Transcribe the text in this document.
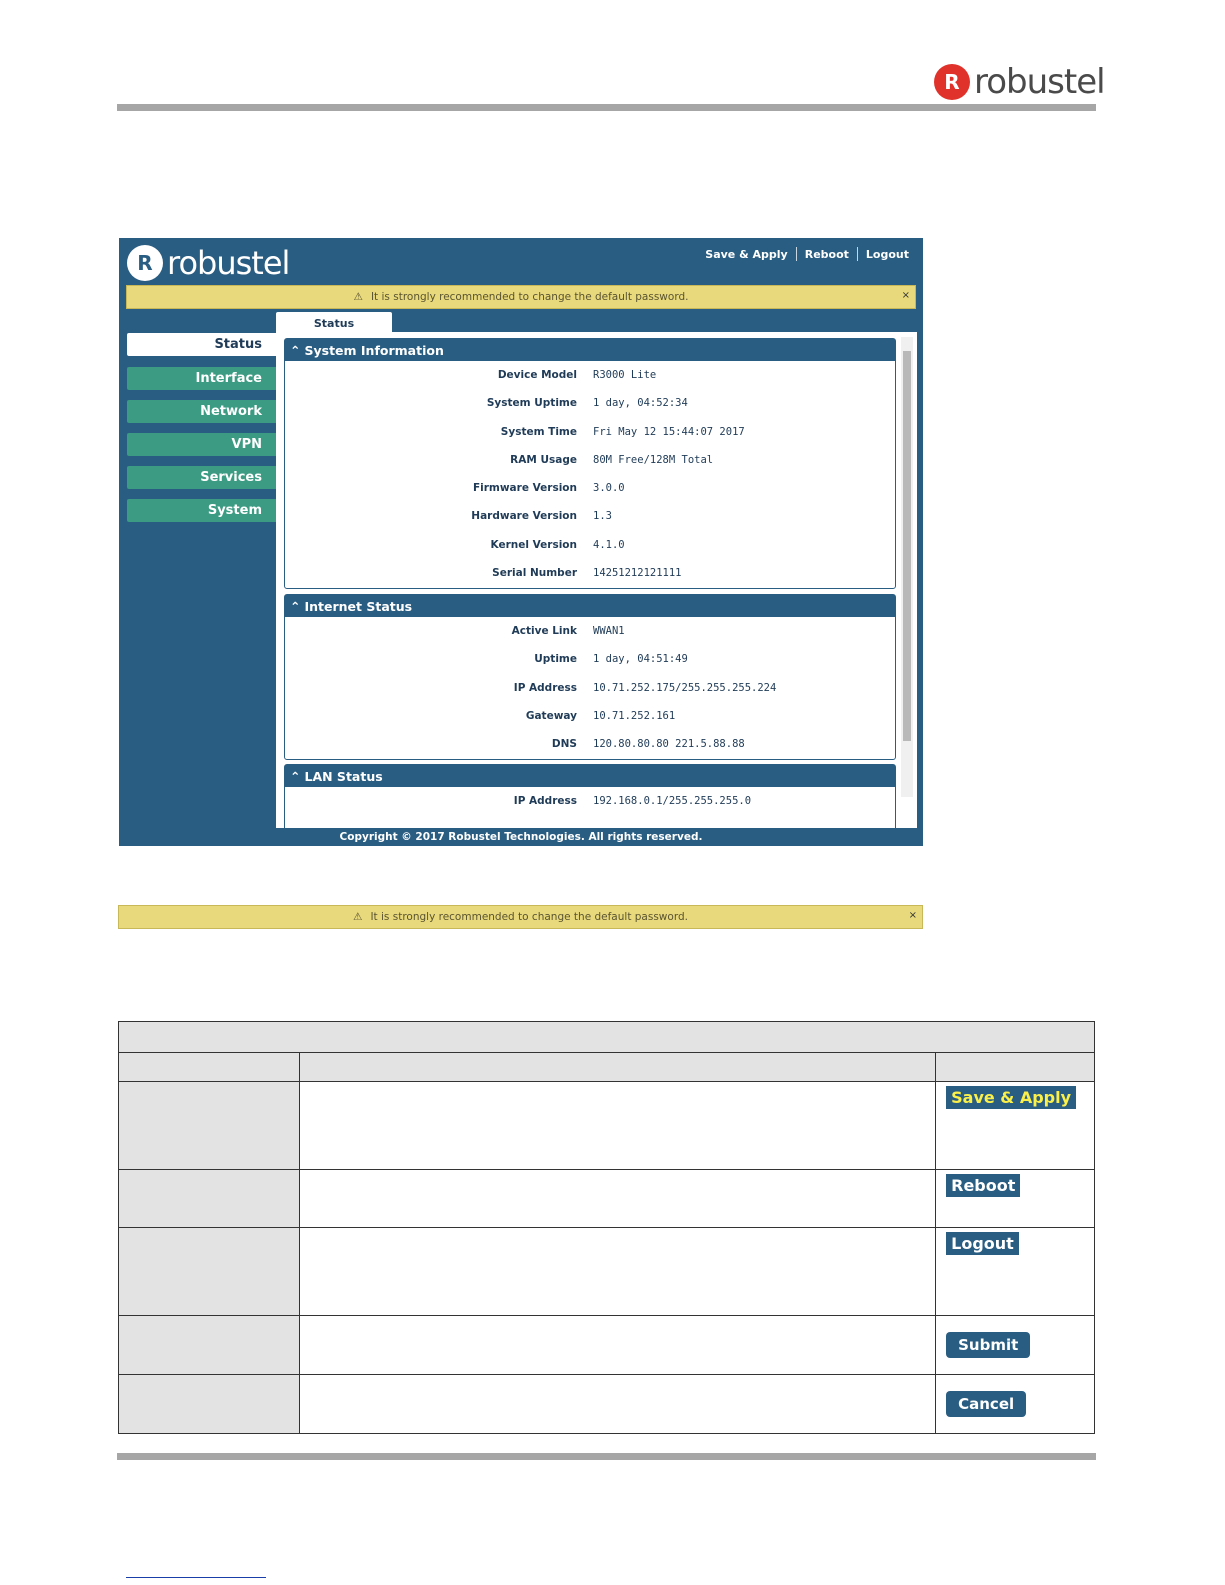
R robustel
R robustel	Save & Apply Reboot Logout
⚠ It is strongly recommended to change the default password.	×
Status
Interface
Network
VPN
Services
System
Status
⌃ System Information
Device Model R3000 Lite
System Uptime 1 day, 04:52:34
System Time Fri May 12 15:44:07 2017
RAM Usage 80M Free/128M Total
Firmware Version 3.0.0
Hardware Version 1.3
Kernel Version 4.1.0
Serial Number 14251212121111
⌃ Internet Status
Active Link WWAN1
Uptime 1 day, 04:51:49
IP Address 10.71.252.175/255.255.255.224
Gateway 10.71.252.161
DNS 120.80.80.80 221.5.88.88
⌃ LAN Status
IP Address 192.168.0.1/255.255.255.0
Copyright © 2017 Robustel Technologies. All rights reserved.
⚠ It is strongly recommended to change the default password.	×

		Save & Apply
		Reboot
		Logout
		Submit
		Cancel
